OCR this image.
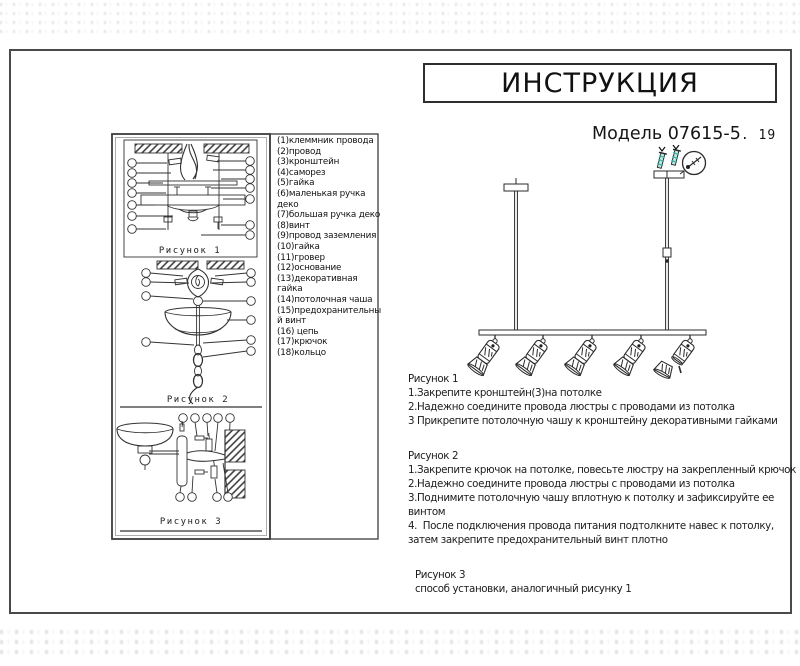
ИНСТРУКЦИЯ
Модель 07615-5. 19
Рисунок 1
Рисунок 2
Рисунок 3
(1)клеммник провода
(2)провод
(3)кронштейн
(4)саморез
(5)гайка
(6)маленькая ручка деко
(7)большая ручка деко
(8)винт
(9)провод заземления
(10)гайка
(11)гровер
(12)основание
(13)декоративная гайка
(14)потолочная чаша
(15)предохранительный винт
(16) цепь
(17)крючок
(18)кольцо
Рисунок 1
1.Закрепите кронштейн(3)на потолке
2.Надежно соедините провода люстры с проводами из потолка
3 Прикрепите потолочную чашу к кронштейну декоративными гайками
Рисунок 2
1.Закрепите крючок на потолке, повесьте люстру на закрепленный крючок
2.Надежно соедините провода люстры с проводами из потолка
3.Поднимите потолочную чашу вплотную к потолку и зафиксируйте ее винтом
4.  После подключения провода питания подтолкните навес к потолку, затем закрепите предохранительный винт плотно
Рисунок 3
способ установки, аналогичный рисунку 1
